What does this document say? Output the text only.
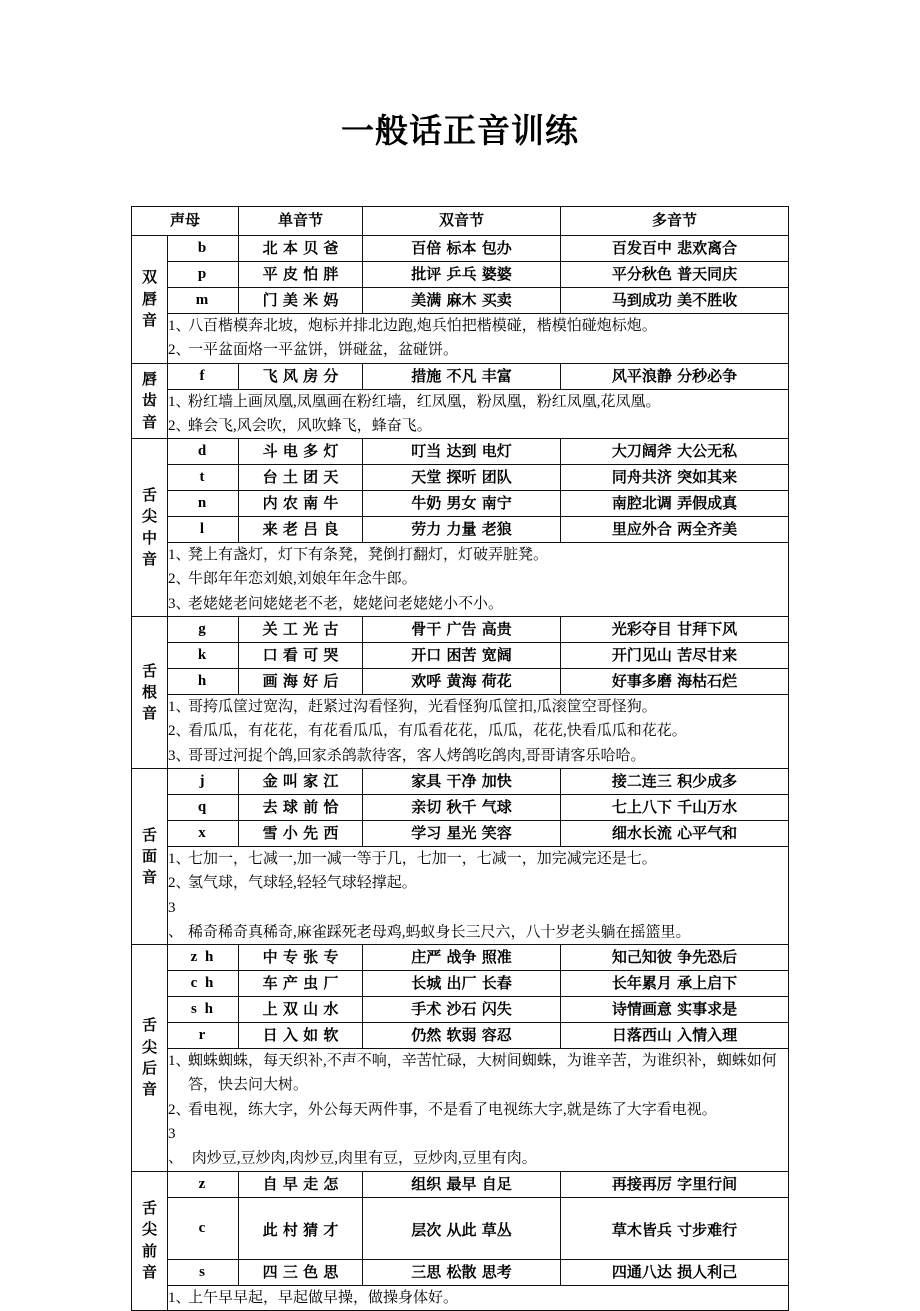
一般话正音训练
声母		单音节	双音节	多音节

双
唇
音	b	北 本 贝 爸	百倍 标本 包办	百发百中 悲欢离合
	p	平 皮 怕 胖	批评 乒乓 婆婆	平分秋色 普天同庆
	m	门 美 米 妈	美满 麻木 买卖	马到成功 美不胜收

	1、八百楷模奔北坡，炮标并排北边跑,炮兵怕把楷模碰，楷模怕碰炮标炮。
2、一平盆面烙一平盆饼，饼碰盆，盆碰饼。			

唇
齿
音	f	飞 风 房 分	措施 不凡 丰富	风平浪静 分秒必争

	1、粉红墙上画凤凰,凤凰画在粉红墙，红凤凰，粉凤凰，粉红凤凰,花凤凰。
2、蜂会飞,风会吹，风吹蜂飞，蜂奋飞。			

舌
尖
中
音	d	斗 电 多 灯	叮当 达到 电灯	大刀阔斧 大公无私
	t	台 土 团 天	天堂 探听 团队	同舟共济 突如其来
	n	内 农 南 牛	牛奶 男女 南宁	南腔北调 弄假成真
	l	来 老 吕 良	劳力 力量 老狼	里应外合 两全齐美

	1、凳上有盏灯，灯下有条凳，凳倒打翻灯，灯破弄脏凳。
2、牛郎年年恋刘娘,刘娘年年念牛郎。
3、老姥姥老问姥姥老不老，姥姥问老姥姥小不小。			

舌
根
音	g	关 工 光 古	骨干 广告 高贵	光彩夺目 甘拜下风
	k	口 看 可 哭	开口 困苦 宽阔	开门见山 苦尽甘来
	h	画 海 好 后	欢呼 黄海 荷花	好事多磨 海枯石烂

	1、哥挎瓜筐过宽沟，赶紧过沟看怪狗，光看怪狗瓜筐扣,瓜滚筐空哥怪狗。
2、看瓜瓜，有花花，有花看瓜瓜，有瓜看花花，瓜瓜，花花,快看瓜瓜和花花。
3、哥哥过河捉个鸽,回家杀鸽款待客，客人烤鸽吃鸽肉,哥哥请客乐哈哈。			

舌
面
音	j	金 叫 家 江	家具 干净 加快	接二连三 积少成多
	q	去 球 前 恰	亲切 秋千 气球	七上八下 千山万水
	x	雪 小 先 西	学习 星光 笑容	细水长流 心平气和

	1、七加一，七减一,加一减一等于几，七加一，七减一，加完减完还是七。
2、氢气球，气球轻,轻轻气球轻撑起。
3 、 稀奇稀奇真稀奇,麻雀踩死老母鸡,蚂蚁身长三尺六，八十岁老头躺在摇篮里。			

舌
尖
后
音	z h	中 专 张 专	庄严 战争 照准	知己知彼 争先恐后
	c h	车 产 虫 厂	长城 出厂 长春	长年累月 承上启下
	s h	上 双 山 水	手术 沙石 闪失	诗情画意 实事求是
	r	日 入 如 软	仍然 软弱 容忍	日落西山 入情入理

	1、蜘蛛蜘蛛，每天织补,不声不响，辛苦忙碌，大树间蜘蛛，为谁辛苦，为谁织补，蜘蛛如何答，快去问大树。
2、看电视，练大字，外公每天两件事，不是看了电视练大字,就是练了大字看电视。
3 、 肉炒豆,豆炒肉,肉炒豆,肉里有豆，豆炒肉,豆里有肉。			

舌
尖
前
音	z	自 早 走 怎	组织 最早 自足	再接再厉 字里行间
	c	此 村 猜 才	层次 从此 草丛	草木皆兵 寸步难行
	s	四 三 色 思	三思 松散 思考	四通八达 损人利己

	1、上午早早起，早起做早操，做操身体好。			
